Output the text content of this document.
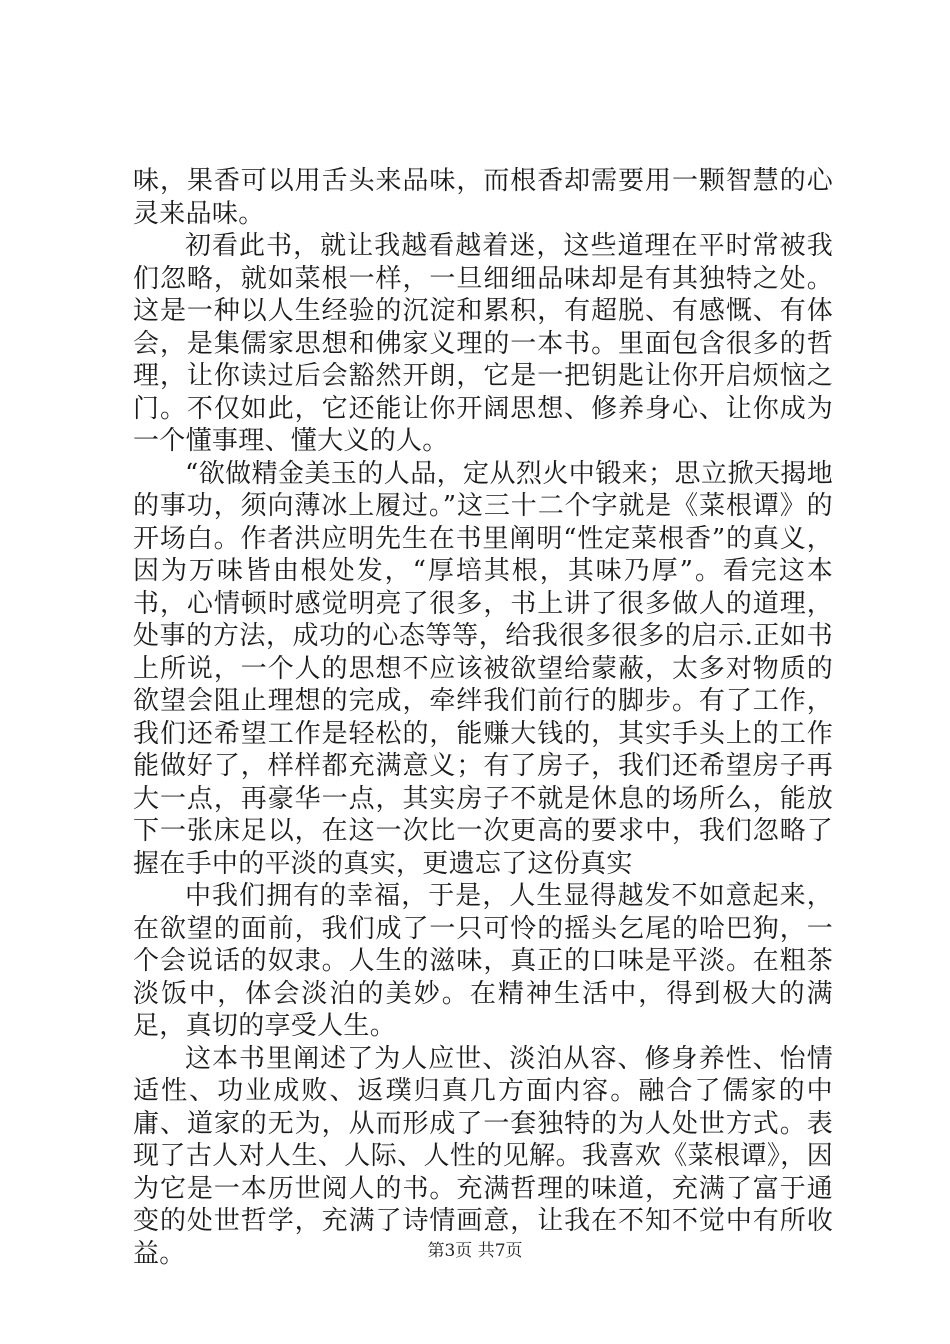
味，果香可以用舌头来品味，而根香却需要用一颗智慧的心灵来品味。

初看此书，就让我越看越着迷，这些道理在平时常被我们忽略，就如菜根一样，一旦细细品味却是有其独特之处。这是一种以人生经验的沉淀和累积，有超脱、有感慨、有体会，是集儒家思想和佛家义理的一本书。里面包含很多的哲理，让你读过后会豁然开朗，它是一把钥匙让你开启烦恼之门。不仅如此，它还能让你开阔思想、修养身心、让你成为一个懂事理、懂大义的人。

“欲做精金美玉的人品，定从烈火中锻来；思立掀天揭地的事功，须向薄冰上履过。”这三十二个字就是《菜根谭》的开场白。作者洪应明先生在书里阐明“性定菜根香”的真义，因为万味皆由根处发，“厚培其根，其味乃厚”。看完这本书，心情顿时感觉明亮了很多，书上讲了很多做人的道理，处事的方法，成功的心态等等，给我很多很多的启示.正如书上所说，一个人的思想不应该被欲望给蒙蔽，太多对物质的欲望会阻止理想的完成，牵绊我们前行的脚步。有了工作，我们还希望工作是轻松的，能赚大钱的，其实手头上的工作能做好了，样样都充满意义；有了房子，我们还希望房子再大一点，再豪华一点，其实房子不就是休息的场所么，能放下一张床足以，在这一次比一次更高的要求中，我们忽略了握在手中的平淡的真实，更遗忘了这份真实

中我们拥有的幸福，于是，人生显得越发不如意起来，在欲望的面前，我们成了一只可怜的摇头乞尾的哈巴狗，一个会说话的奴隶。人生的滋味，真正的口味是平淡。在粗茶淡饭中，体会淡泊的美妙。在精神生活中，得到极大的满足，真切的享受人生。

这本书里阐述了为人应世、淡泊从容、修身养性、怡情适性、功业成败、返璞归真几方面内容。融合了儒家的中庸、道家的无为，从而形成了一套独特的为人处世方式。表现了古人对人生、人际、人性的见解。我喜欢《菜根谭》，因为它是一本历世阅人的书。充满哲理的味道，充满了富于通变的处世哲学，充满了诗情画意，让我在不知不觉中有所收益。	第3页 共7页
